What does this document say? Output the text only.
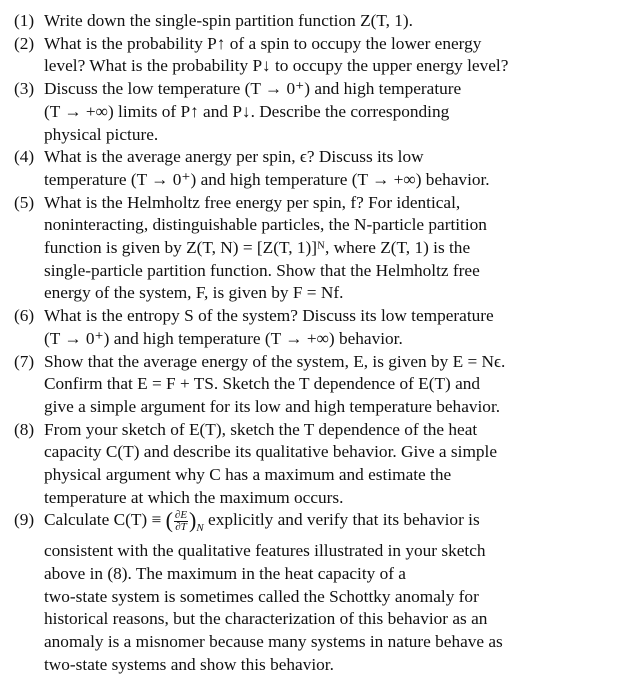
(1) Write down the single-spin partition function Z(T, 1).

(2) What is the probability P↑ of a spin to occupy the lower energy

level? What is the probability P↓ to occupy the upper energy level?

(3) Discuss the low temperature (T → 0⁺) and high temperature

(T → +∞) limits of P↑ and P↓. Describe the corresponding

physical picture.

(4) What is the average anergy per spin, ϵ? Discuss its low

temperature (T → 0⁺) and high temperature (T → +∞) behavior.

(5) What is the Helmholtz free energy per spin, f? For identical,

noninteracting, distinguishable particles, the N-particle partition

function is given by Z(T, N) = [Z(T, 1)]ᴺ, where Z(T, 1) is the

single-particle partition function. Show that the Helmholtz free

energy of the system, F, is given by F = Nf.

(6) What is the entropy S of the system? Discuss its low temperature

(T → 0⁺) and high temperature (T → +∞) behavior.

(7) Show that the average energy of the system, E, is given by E = Nϵ.

Confirm that E = F + TS. Sketch the T dependence of E(T) and

give a simple argument for its low and high temperature behavior.

(8) From your sketch of E(T), sketch the T dependence of the heat

capacity C(T) and describe its qualitative behavior. Give a simple

physical argument why C has a maximum and estimate the

temperature at which the maximum occurs.

(9) Calculate C(T) ≡ ( $\frac{\partial E}{\partial T} )_N$ explicitly and verify that its behavior is

consistent with the qualitative features illustrated in your sketch

above in (8). The maximum in the heat capacity of a

two-state system is sometimes called the Schottky anomaly for

historical reasons, but the characterization of this behavior as an

anomaly is a misnomer because many systems in nature behave as

two-state systems and show this behavior.
